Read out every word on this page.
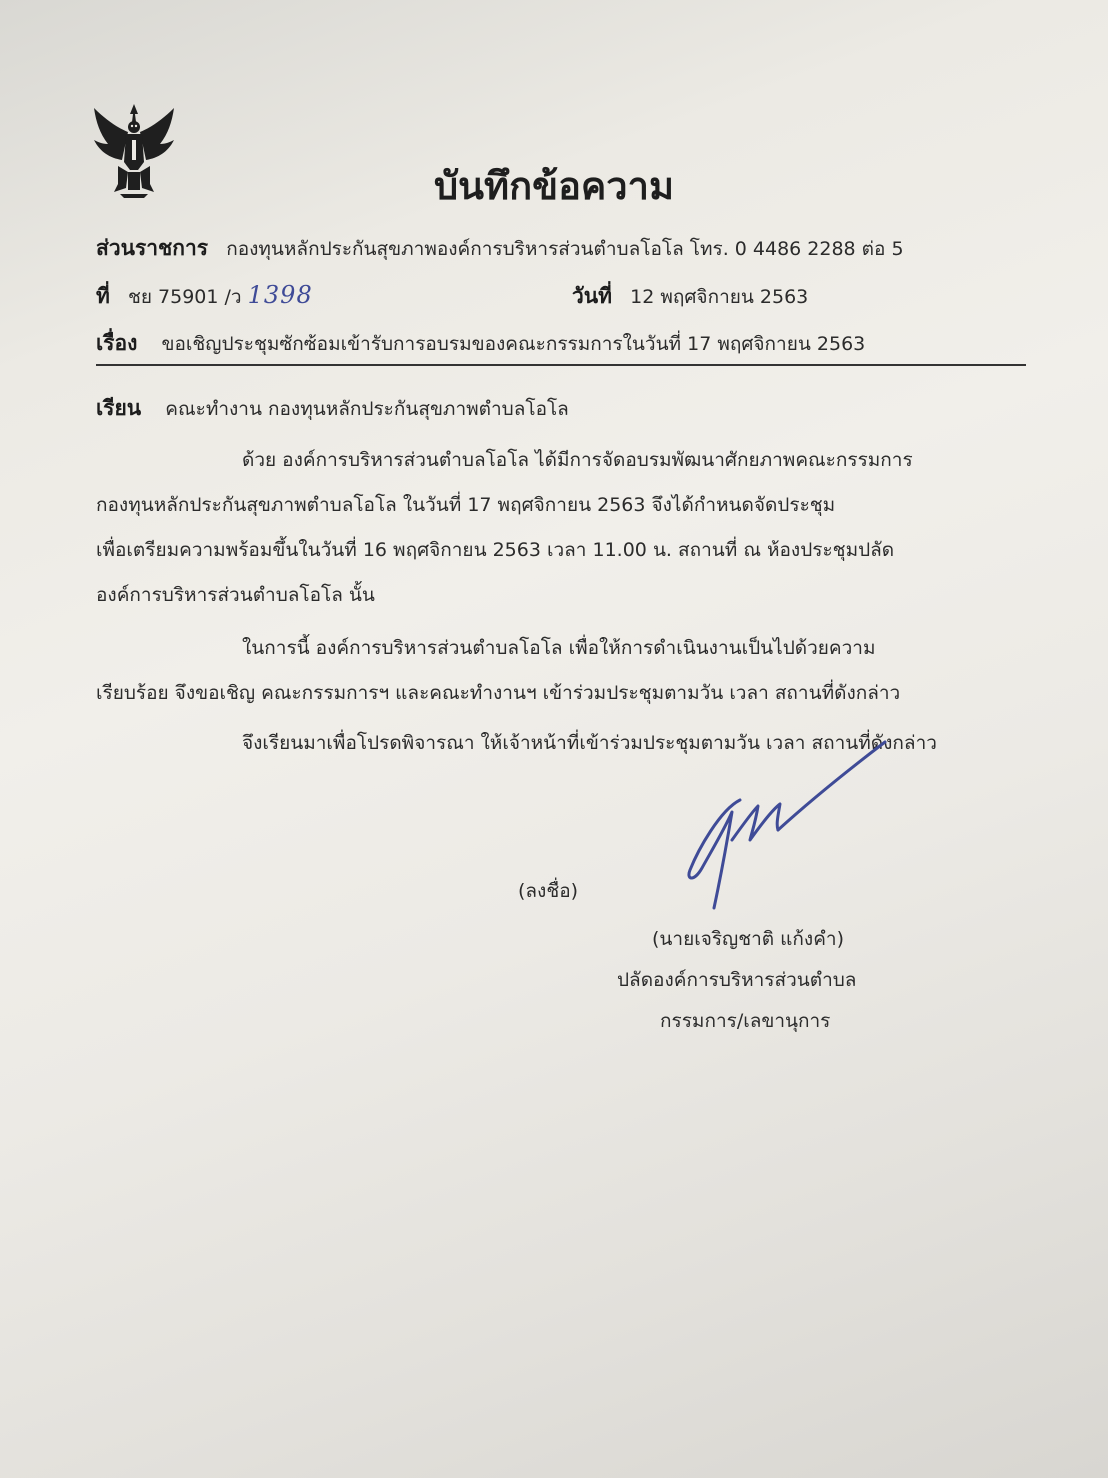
บันทึกข้อความ
ส่วนราชการ กองทุนหลักประกันสุขภาพองค์การบริหารส่วนตำบลโอโล โทร. 0 4486 2288 ต่อ 5
ที่ ชย 75901 /ว 1398	วันที่ 12 พฤศจิกายน 2563
เรื่อง ขอเชิญประชุมซักซ้อมเข้ารับการอบรมของคณะกรรมการในวันที่ 17 พฤศจิกายน 2563
เรียน คณะทำงาน กองทุนหลักประกันสุขภาพตำบลโอโล
ด้วย องค์การบริหารส่วนตำบลโอโล ได้มีการจัดอบรมพัฒนาศักยภาพคณะกรรมการ
กองทุนหลักประกันสุขภาพตำบลโอโล ในวันที่ 17 พฤศจิกายน 2563 จึงได้กำหนดจัดประชุม
เพื่อเตรียมความพร้อมขึ้นในวันที่ 16 พฤศจิกายน 2563 เวลา 11.00 น. สถานที่ ณ ห้องประชุมปลัด
องค์การบริหารส่วนตำบลโอโล นั้น
ในการนี้ องค์การบริหารส่วนตำบลโอโล เพื่อให้การดำเนินงานเป็นไปด้วยความ
เรียบร้อย จึงขอเชิญ คณะกรรมการฯ และคณะทำงานฯ เข้าร่วมประชุมตามวัน เวลา สถานที่ดังกล่าว
จึงเรียนมาเพื่อโปรดพิจารณา ให้เจ้าหน้าที่เข้าร่วมประชุมตามวัน เวลา สถานที่ดังกล่าว
(ลงชื่อ)
(นายเจริญชาติ แก้งคำ)
ปลัดองค์การบริหารส่วนตำบล
กรรมการ/เลขานุการ
